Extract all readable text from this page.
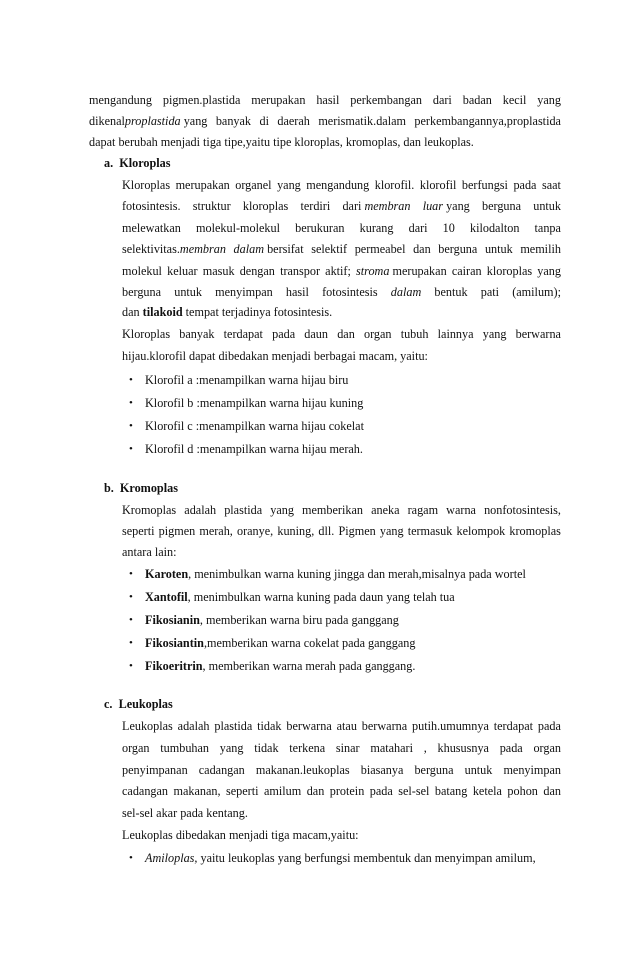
mengandung pigmen.plastida merupakan hasil perkembangan dari badan kecil yang
dikenalproplastida yang banyak di daerah merismatik.dalam perkembangannya,proplastida
dapat berubah menjadi tiga tipe,yaitu tipe kloroplas, kromoplas, dan leukoplas.
a. Kloroplas
Kloroplas merupakan organel yang mengandung klorofil. klorofil berfungsi pada saat
fotosintesis. struktur kloroplas terdiri dari membran luar yang berguna untuk
melewatkan molekul-molekul berukuran kurang dari 10 kilodalton tanpa
selektivitas.membran dalam bersifat selektif permeabel dan berguna untuk memilih
molekul keluar masuk dengan transpor aktif; stroma merupakan cairan kloroplas yang
berguna untuk menyimpan hasil fotosintesis dalam bentuk pati (amilum);
dan tilakoid tempat terjadinya fotosintesis.
Kloroplas banyak terdapat pada daun dan organ tubuh lainnya yang berwarna
hijau.klorofil dapat dibedakan menjadi berbagai macam, yaitu:
• Klorofil a :menampilkan warna hijau biru
• Klorofil b :menampilkan warna hijau kuning
• Klorofil c :menampilkan warna hijau cokelat
• Klorofil d :menampilkan warna hijau merah.
b. Kromoplas
Kromoplas adalah plastida yang memberikan aneka ragam warna nonfotosintesis,
seperti pigmen merah, oranye, kuning, dll. Pigmen yang termasuk kelompok kromoplas
antara lain:
• Karoten, menimbulkan warna kuning jingga dan merah,misalnya pada wortel
• Xantofil, menimbulkan warna kuning pada daun yang telah tua
• Fikosianin, memberikan warna biru pada ganggang
• Fikosiantin,memberikan warna cokelat pada ganggang
• Fikoeritrin, memberikan warna merah pada ganggang.
c. Leukoplas
Leukoplas adalah plastida tidak berwarna atau berwarna putih.umumnya terdapat pada
organ tumbuhan yang tidak terkena sinar matahari , khususnya pada organ
penyimpanan cadangan makanan.leukoplas biasanya berguna untuk menyimpan
cadangan makanan, seperti amilum dan protein pada sel-sel batang ketela pohon dan
sel-sel akar pada kentang.
Leukoplas dibedakan menjadi tiga macam,yaitu:
• Amiloplas, yaitu leukoplas yang berfungsi membentuk dan menyimpan amilum,
